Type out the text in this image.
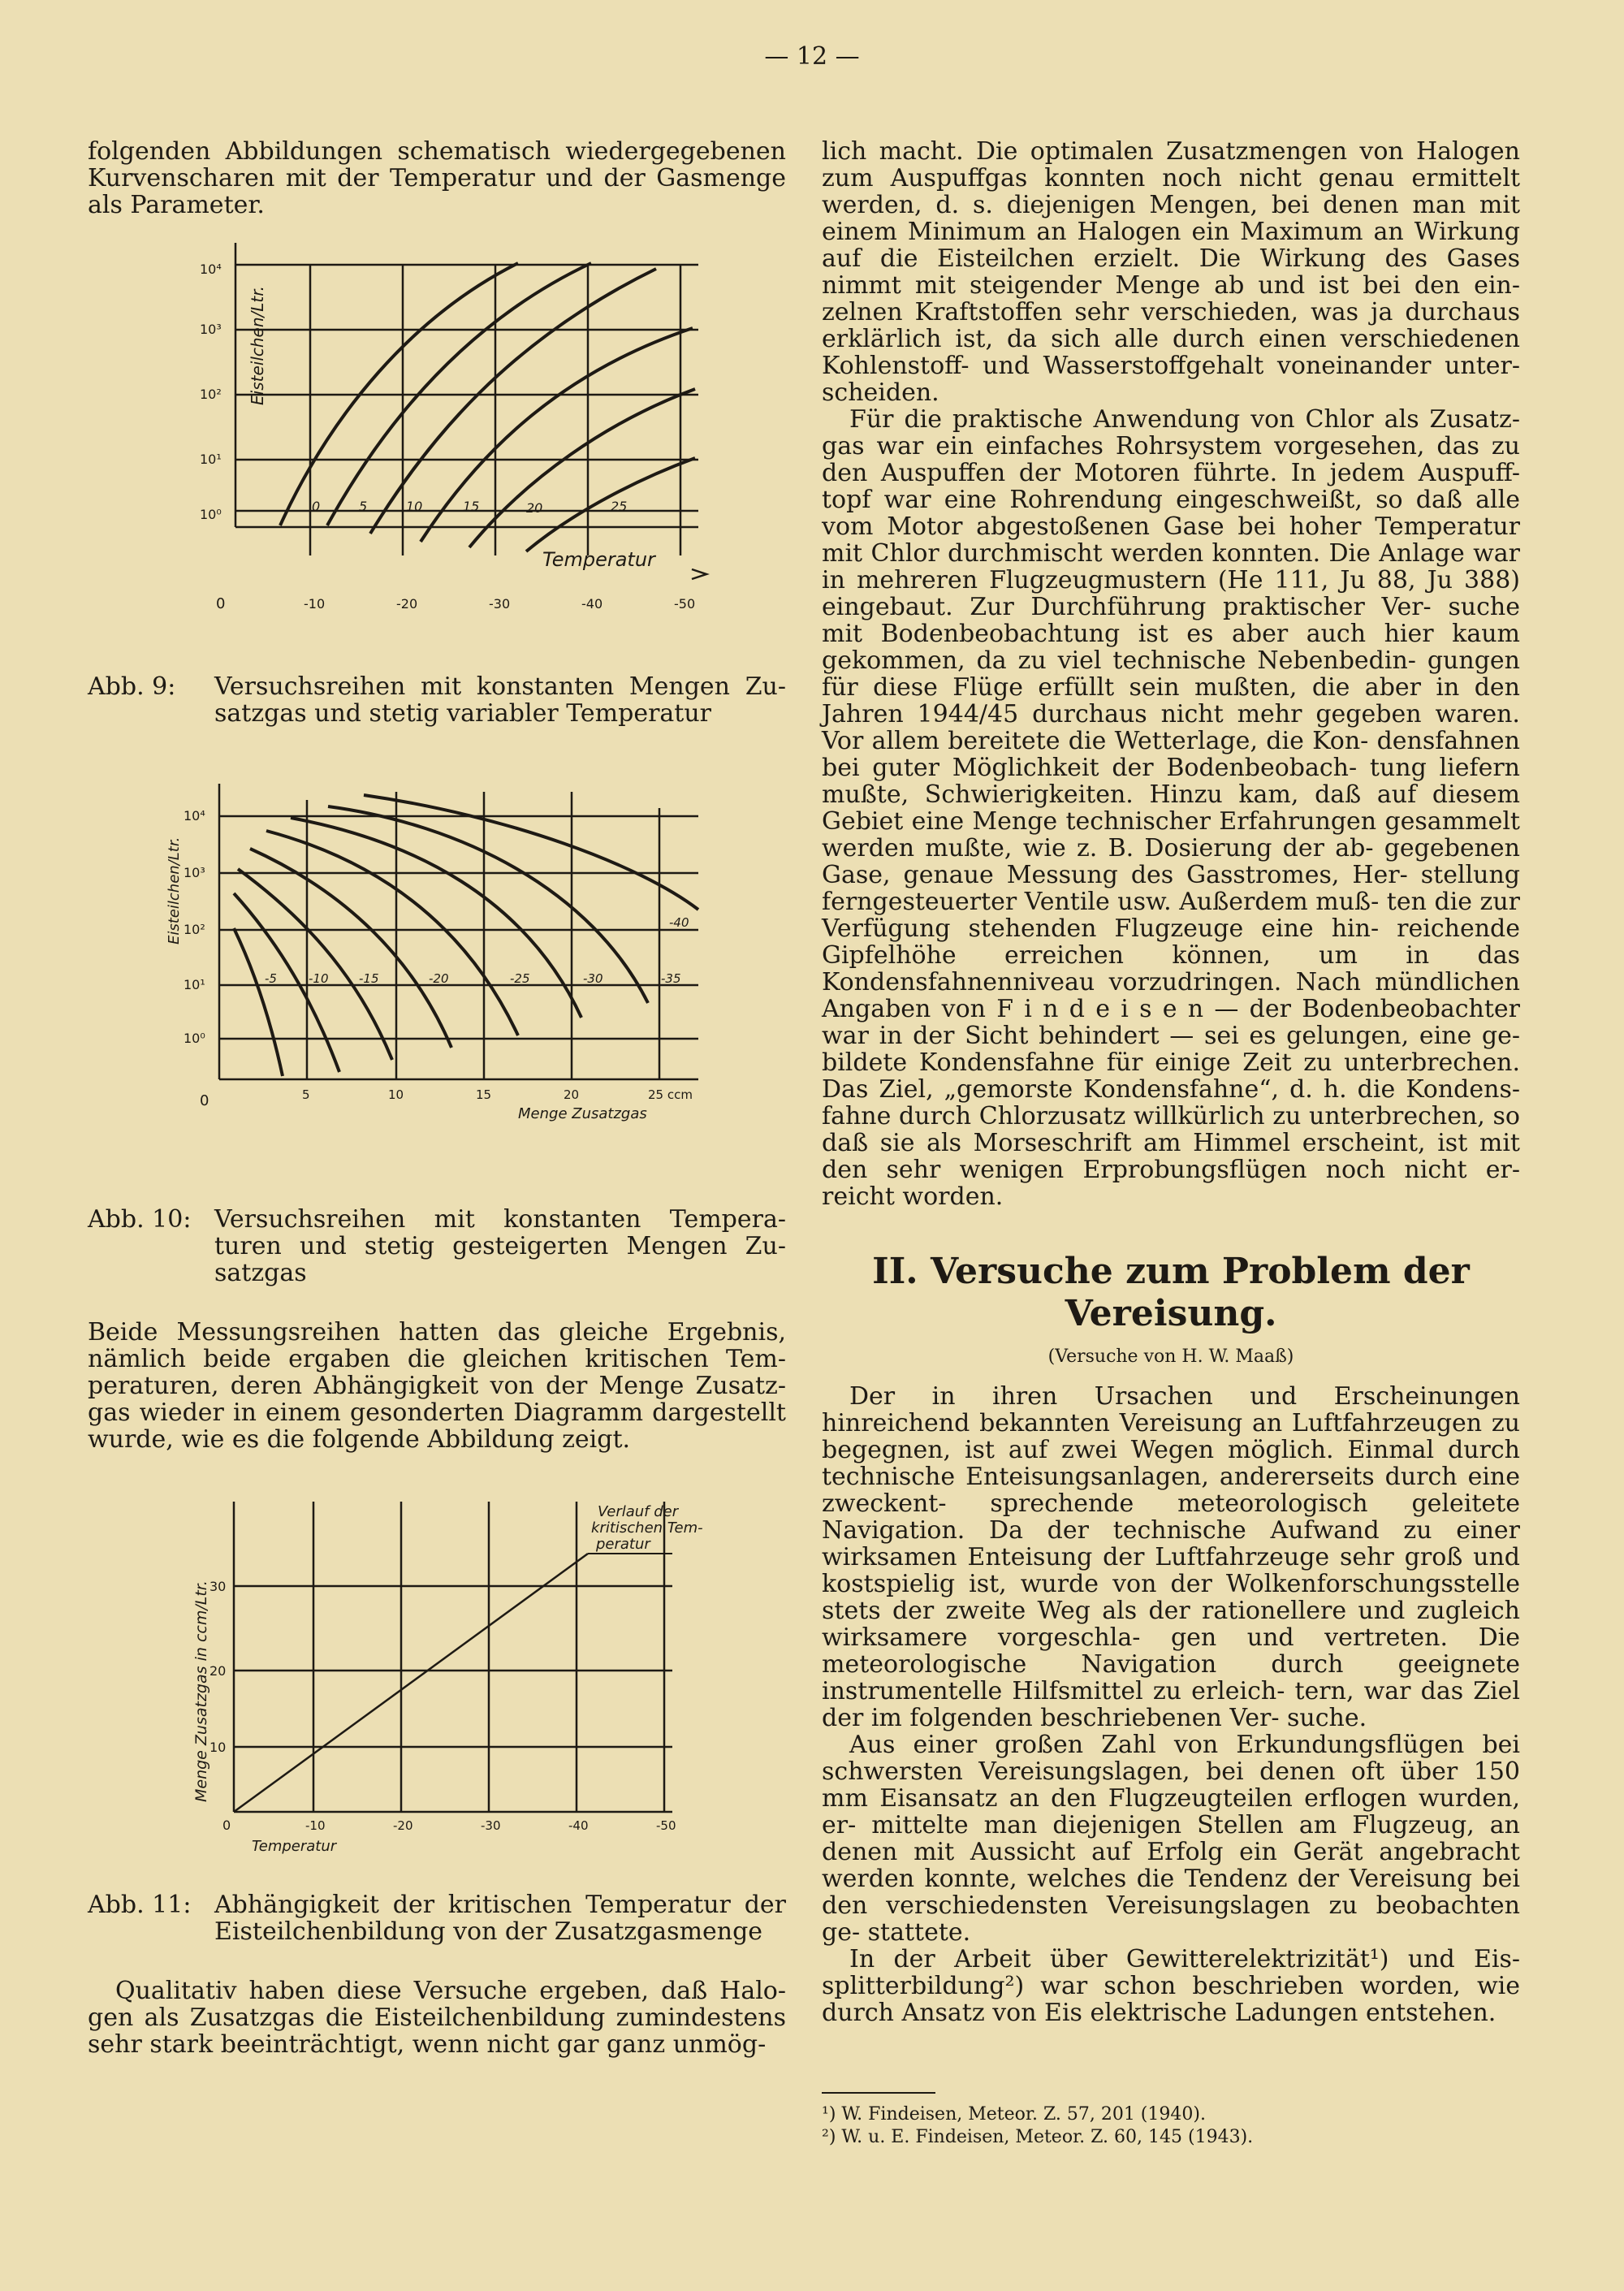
— 12 —

folgenden Abbildungen schematisch wiedergegebenen Kurvenscharen mit der Temperatur und der Gasmenge als Parameter.

10⁴
10³
10²
10¹
10⁰
Eisteilchen/Ltr.
0	5	10	15	20	25
Temperatur
0	-10	-20	-30	-40	-50
Abb. 9:	Versuchsreihen mit konstanten Mengen Zu- satzgas und stetig variabler Temperatur
10⁴
10³
10²
10¹
10⁰
Eisteilchen/Ltr.
-5	-10	-15	-20	-25	-30	-35
-40
0	5	10	15	20	25 ccm
Menge Zusatzgas
Abb. 10: Versuchsreihen mit konstanten Tempera- turen und stetig gesteigerten Mengen Zu- satzgas

Beide Messungsreihen hatten das gleiche Ergebnis, nämlich beide ergaben die gleichen kritischen Tem- peraturen, deren Abhängigkeit von der Menge Zusatz- gas wieder in einem gesonderten Diagramm dargestellt wurde, wie es die folgende Abbildung zeigt.

30
20
10
0
Menge Zusatzgas in ccm/Ltr.
-10	-20	-30	-40	-50
Temperatur
Verlauf der
kritischen Tem-
peratur
Abb. 11: Abhängigkeit der kritischen Temperatur der Eisteilchenbildung von der Zusatzgasmenge

Qualitativ haben diese Versuche ergeben, daß Halo- gen als Zusatzgas die Eisteilchenbildung zumindestens sehr stark beeinträchtigt, wenn nicht gar ganz unmög-

lich macht. Die optimalen Zusatzmengen von Halogen zum Auspuffgas konnten noch nicht genau ermittelt werden, d. s. diejenigen Mengen, bei denen man mit einem Minimum an Halogen ein Maximum an Wirkung auf die Eisteilchen erzielt. Die Wirkung des Gases nimmt mit steigender Menge ab und ist bei den ein- zelnen Kraftstoffen sehr verschieden, was ja durchaus erklärlich ist, da sich alle durch einen verschiedenen Kohlenstoff- und Wasserstoffgehalt voneinander unter- scheiden.

Für die praktische Anwendung von Chlor als Zusatz- gas war ein einfaches Rohrsystem vorgesehen, das zu den Auspuffen der Motoren führte. In jedem Auspuff- topf war eine Rohrendung eingeschweißt, so daß alle vom Motor abgestoßenen Gase bei hoher Temperatur mit Chlor durchmischt werden konnten. Die Anlage war in mehreren Flugzeugmustern (He 111, Ju 88, Ju 388) eingebaut. Zur Durchführung praktischer Ver- suche mit Bodenbeobachtung ist es aber auch hier kaum gekommen, da zu viel technische Nebenbedin- gungen für diese Flüge erfüllt sein mußten, die aber in den Jahren 1944/45 durchaus nicht mehr gegeben waren. Vor allem bereitete die Wetterlage, die Kon- densfahnen bei guter Möglichkeit der Bodenbeobach- tung liefern mußte, Schwierigkeiten. Hinzu kam, daß auf diesem Gebiet eine Menge technischer Erfahrungen gesammelt werden mußte, wie z. B. Dosierung der ab- gegebenen Gase, genaue Messung des Gasstromes, Her- stellung ferngesteuerter Ventile usw. Außerdem muß- ten die zur Verfügung stehenden Flugzeuge eine hin- reichende Gipfelhöhe erreichen können, um in das Kondensfahnenniveau vorzudringen. Nach mündlichen Angaben von F i n d e i s e n — der Bodenbeobachter war in der Sicht behindert — sei es gelungen, eine ge- bildete Kondensfahne für einige Zeit zu unterbrechen. Das Ziel, „gemorste Kondensfahne“, d. h. die Kondens- fahne durch Chlorzusatz willkürlich zu unterbrechen, so daß sie als Morseschrift am Himmel erscheint, ist mit den sehr wenigen Erprobungsflügen noch nicht er- reicht worden.

II. Versuche zum Problem der
Vereisung.
(Versuche von H. W. Maaß)

Der in ihren Ursachen und Erscheinungen hinreichend bekannten Vereisung an Luftfahrzeugen zu begegnen, ist auf zwei Wegen möglich. Einmal durch technische Enteisungsanlagen, andererseits durch eine zweckent- sprechende meteorologisch geleitete Navigation. Da der technische Aufwand zu einer wirksamen Enteisung der Luftfahrzeuge sehr groß und kostspielig ist, wurde von der Wolkenforschungsstelle stets der zweite Weg als der rationellere und zugleich wirksamere vorgeschla- gen und vertreten. Die meteorologische Navigation durch geeignete instrumentelle Hilfsmittel zu erleich- tern, war das Ziel der im folgenden beschriebenen Ver- suche.

Aus einer großen Zahl von Erkundungsflügen bei schwersten Vereisungslagen, bei denen oft über 150 mm Eisansatz an den Flugzeugteilen erflogen wurden, er- mittelte man diejenigen Stellen am Flugzeug, an denen mit Aussicht auf Erfolg ein Gerät angebracht werden konnte, welches die Tendenz der Vereisung bei den verschiedensten Vereisungslagen zu beobachten ge- stattete.

In der Arbeit über Gewitterelektrizität¹) und Eis- splitterbildung²) war schon beschrieben worden, wie durch Ansatz von Eis elektrische Ladungen entstehen.

¹) W. Findeisen, Meteor. Z. 57, 201 (1940).
²) W. u. E. Findeisen, Meteor. Z. 60, 145 (1943).
